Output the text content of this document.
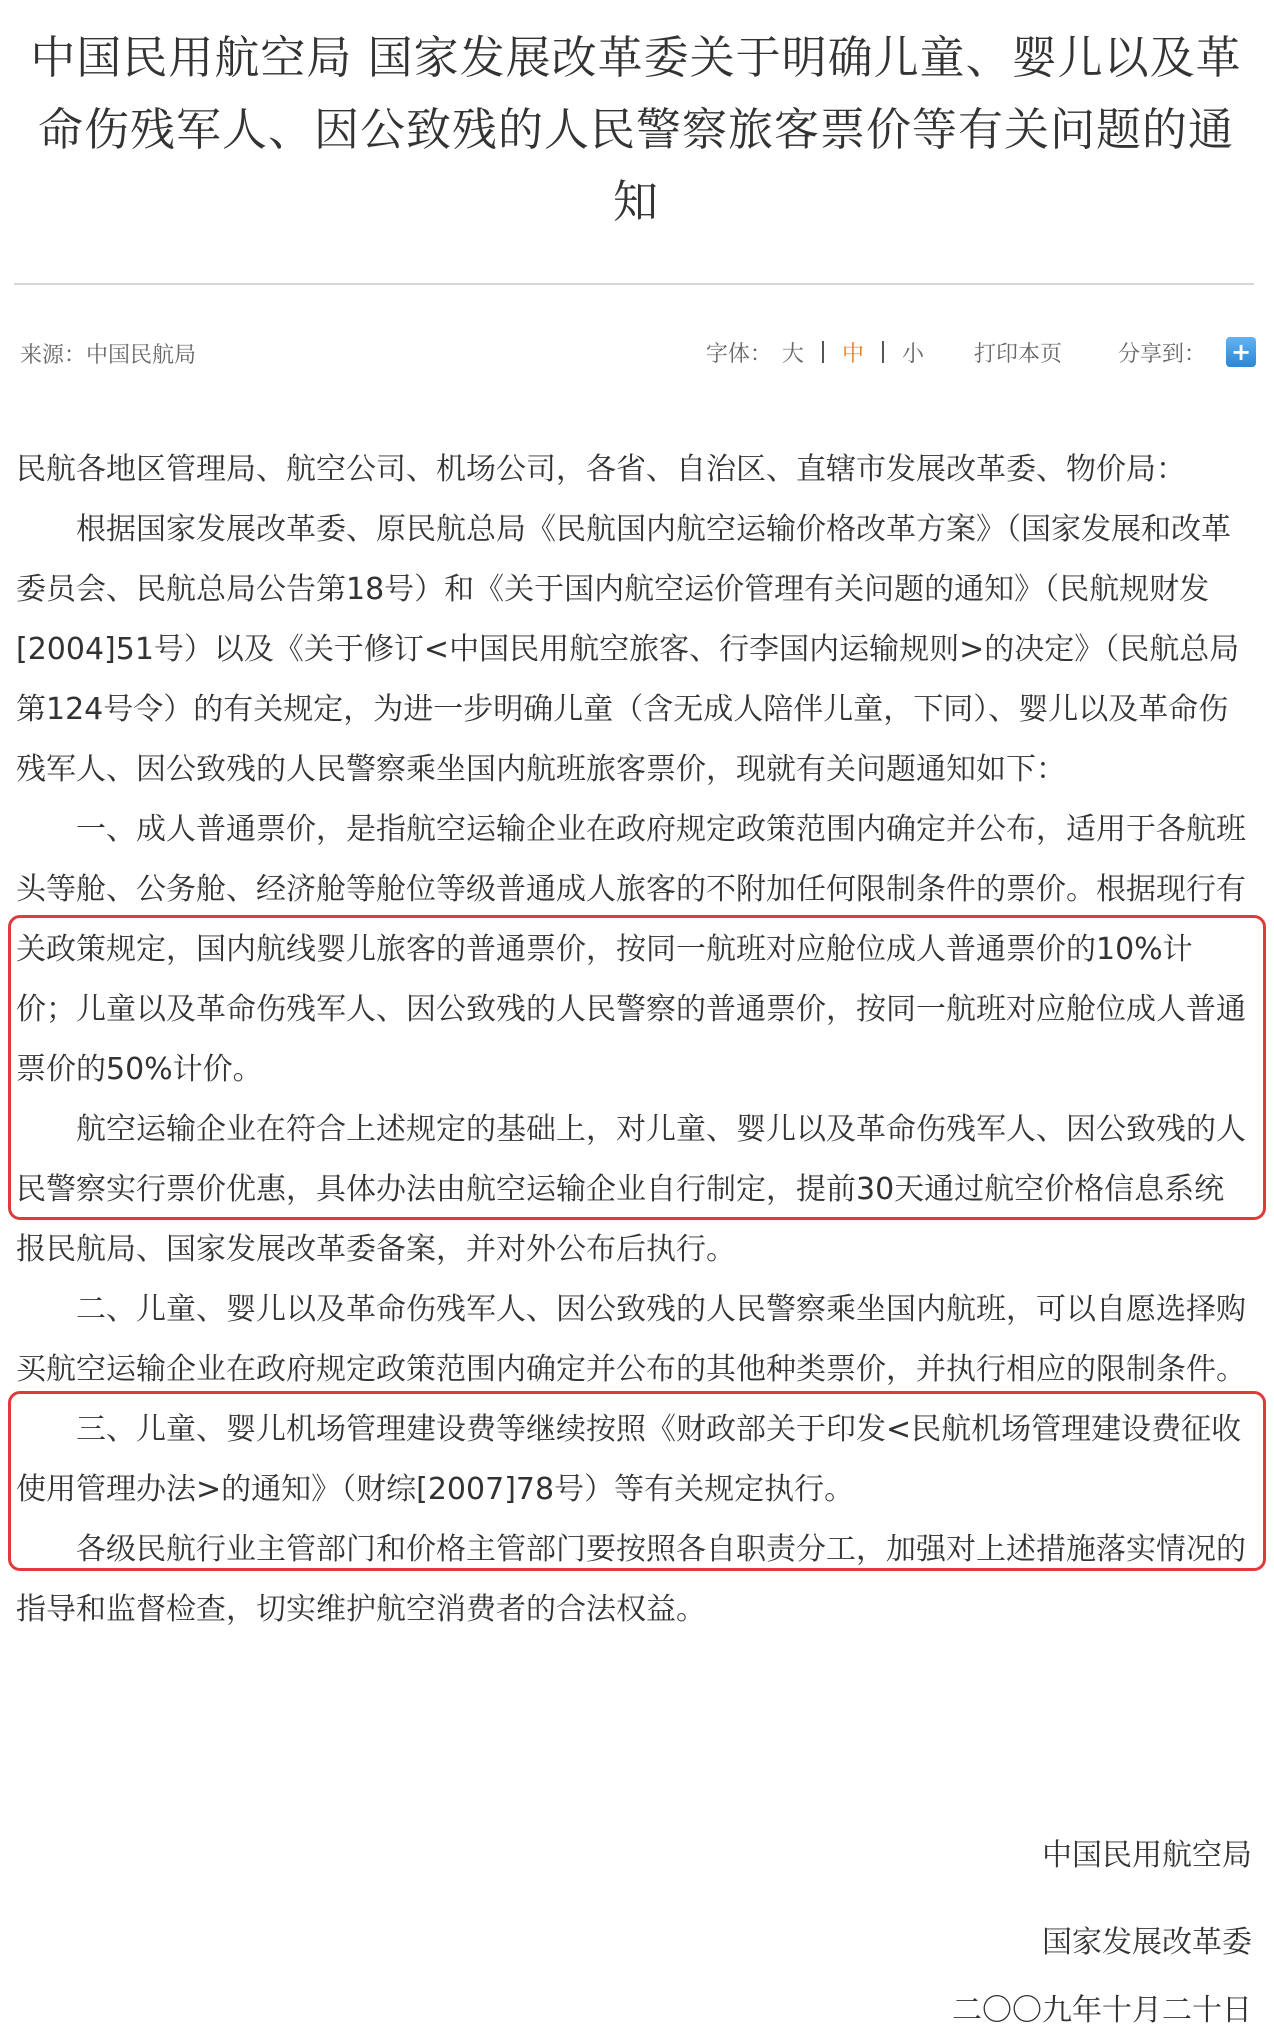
中国民用航空局 国家发展改革委关于明确儿童、婴儿以及革命伤残军人、因公致残的人民警察旅客票价等有关问题的通知
来源：中国民航局	字体： 大 中 小 打印本页	分享到： +

民航各地区管理局、航空公司、机场公司，各省、自治区、直辖市发展改革委、物价局：

根据国家发展改革委、原民航总局《民航国内航空运输价格改革方案》（国家发展和改革委员会、民航总局公告第18号）和《关于国内航空运价管理有关问题的通知》（民航规财发[2004]51号）以及《关于修订<中国民用航空旅客、行李国内运输规则>的决定》（民航总局第124号令）的有关规定，为进一步明确儿童（含无成人陪伴儿童，下同）、婴儿以及革命伤残军人、因公致残的人民警察乘坐国内航班旅客票价，现就有关问题通知如下：

一、成人普通票价，是指航空运输企业在政府规定政策范围内确定并公布，适用于各航班头等舱、公务舱、经济舱等舱位等级普通成人旅客的不附加任何限制条件的票价。根据现行有关政策规定，国内航线婴儿旅客的普通票价，按同一航班对应舱位成人普通票价的10%计价；儿童以及革命伤残军人、因公致残的人民警察的普通票价，按同一航班对应舱位成人普通票价的50%计价。

航空运输企业在符合上述规定的基础上，对儿童、婴儿以及革命伤残军人、因公致残的人民警察实行票价优惠，具体办法由航空运输企业自行制定，提前30天通过航空价格信息系统报民航局、国家发展改革委备案，并对外公布后执行。

二、儿童、婴儿以及革命伤残军人、因公致残的人民警察乘坐国内航班，可以自愿选择购买航空运输企业在政府规定政策范围内确定并公布的其他种类票价，并执行相应的限制条件。

三、儿童、婴儿机场管理建设费等继续按照《财政部关于印发<民航机场管理建设费征收使用管理办法>的通知》（财综[2007]78号）等有关规定执行。

各级民航行业主管部门和价格主管部门要按照各自职责分工，加强对上述措施落实情况的指导和监督检查，切实维护航空消费者的合法权益。

中国民用航空局
国家发展改革委
二〇〇九年十月二十日
